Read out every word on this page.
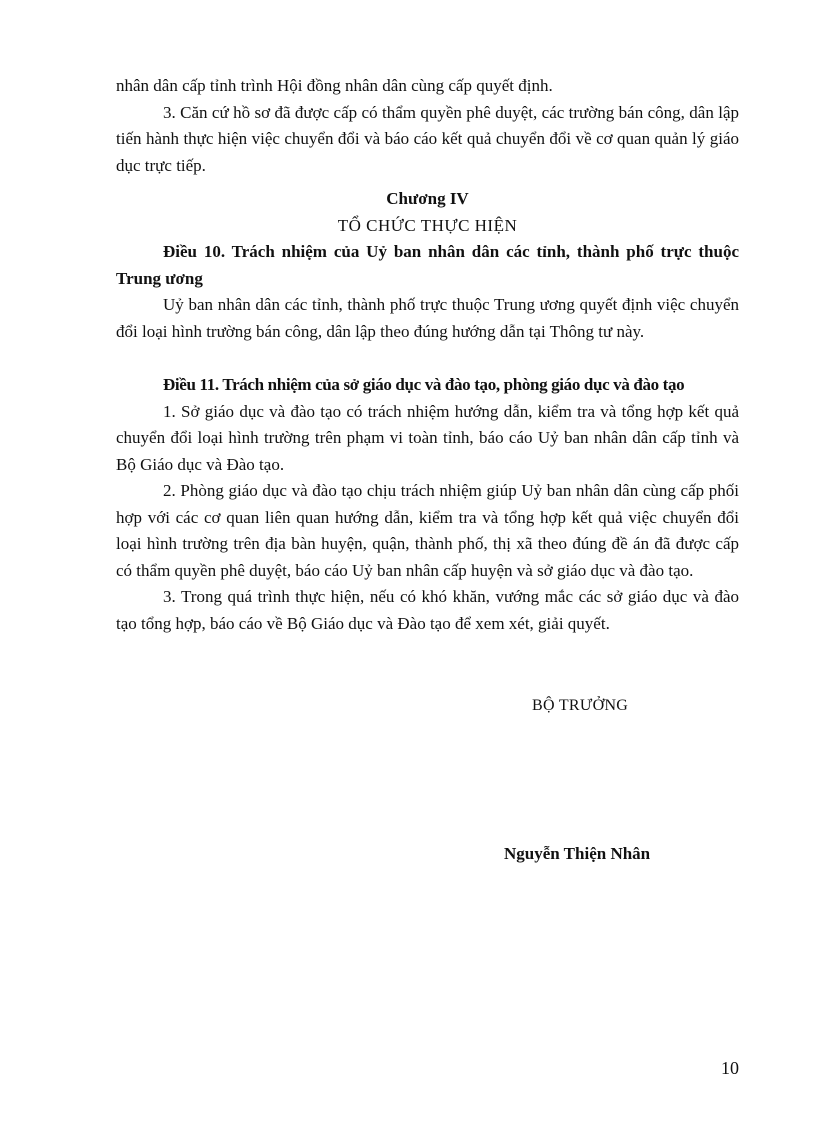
nhân dân cấp tỉnh trình Hội đồng nhân dân cùng cấp quyết định.

3. Căn cứ hồ sơ đã được cấp có thẩm quyền phê duyệt, các trường bán công, dân lập tiến hành thực hiện việc chuyển đổi và báo cáo kết quả chuyển đổi về cơ quan quản lý giáo dục trực tiếp.

Chương IV

TỔ CHỨC THỰC HIỆN

Điều 10. Trách nhiệm của Uỷ ban nhân dân các tỉnh, thành phố trực thuộc Trung ương

Uỷ ban nhân dân các tỉnh, thành phố trực thuộc Trung ương quyết định việc chuyển đổi loại hình trường bán công, dân lập theo đúng hướng dẫn tại Thông tư này.

Điều 11. Trách nhiệm của sở giáo dục và đào tạo, phòng giáo dục và đào tạo

1. Sở giáo dục và đào tạo có trách nhiệm hướng dẫn, kiểm tra và tổng hợp kết quả chuyển đổi loại hình trường trên phạm vi toàn tỉnh, báo cáo Uỷ ban nhân dân cấp tỉnh và Bộ Giáo dục và Đào tạo.

2. Phòng giáo dục và đào tạo chịu trách nhiệm giúp Uỷ ban nhân dân cùng cấp phối hợp với các cơ quan liên quan hướng dẫn, kiểm tra và tổng hợp kết quả việc chuyển đổi loại hình trường trên địa bàn huyện, quận, thành phố, thị xã theo đúng đề án đã được cấp có thẩm quyền phê duyệt, báo cáo Uỷ ban nhân cấp huyện và sở giáo dục và đào tạo.

3. Trong quá trình thực hiện, nếu có khó khăn, vướng mắc các sở giáo dục và đào tạo tổng hợp, báo cáo về Bộ Giáo dục và Đào tạo để xem xét, giải quyết.

BỘ TRƯỞNG
Nguyễn Thiện Nhân
10
